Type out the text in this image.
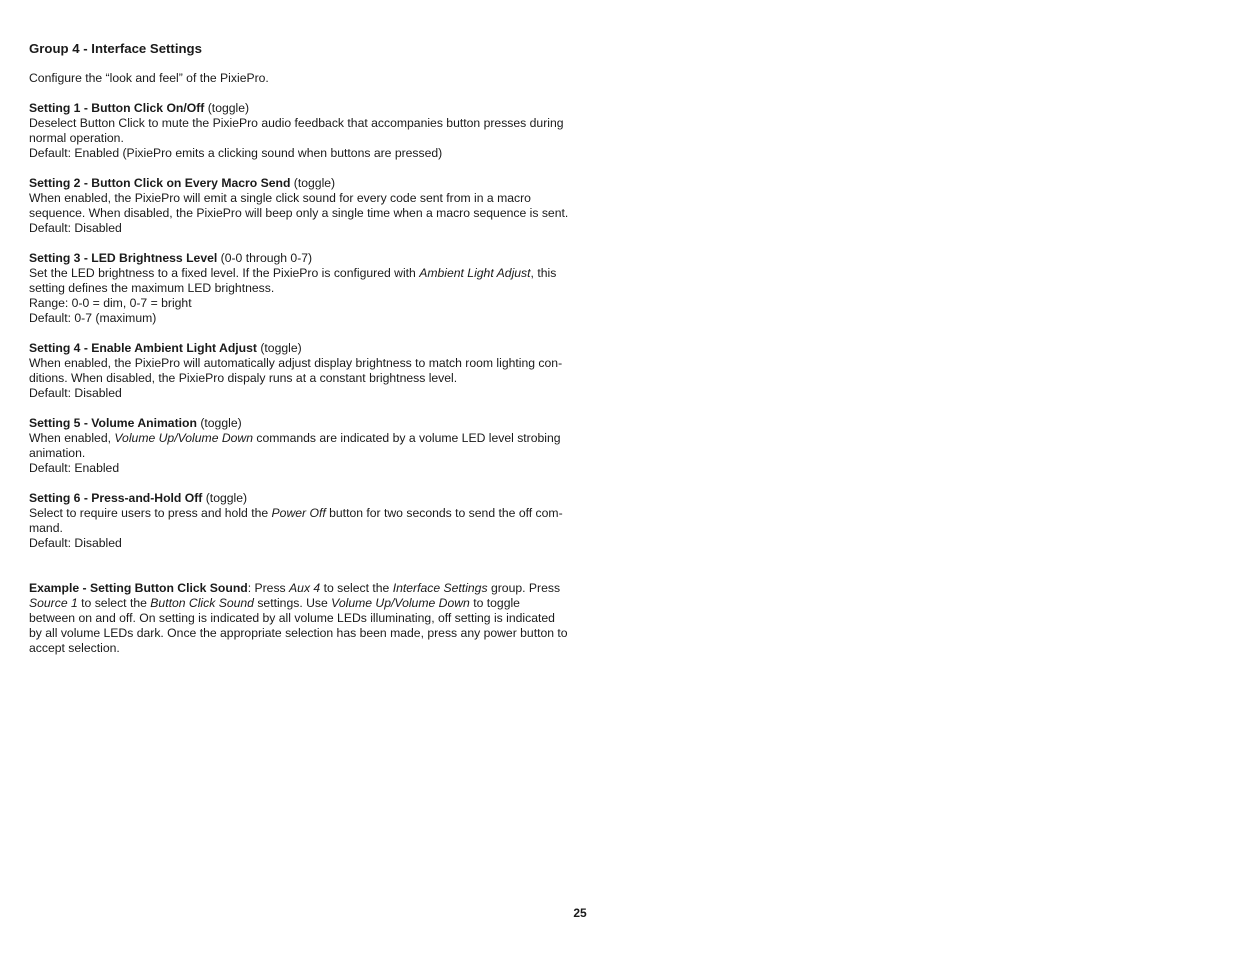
Group 4 - Interface Settings

Configure the “look and feel” of the PixiePro.

Setting 1 - Button Click On/Off (toggle)

Deselect Button Click to mute the PixiePro audio feedback that accompanies button presses during

normal operation.

Default: Enabled (PixiePro emits a clicking sound when buttons are pressed)

Setting 2 - Button Click on Every Macro Send (toggle)

When enabled, the PixiePro will emit a single click sound for every code sent from in a macro

sequence. When disabled, the PixiePro will beep only a single time when a macro sequence is sent.

Default: Disabled

Setting 3 - LED Brightness Level (0-0 through 0-7)

Set the LED brightness to a fixed level. If the PixiePro is configured with Ambient Light Adjust, this

setting defines the maximum LED brightness.

Range: 0-0 = dim, 0-7 = bright

Default: 0-7 (maximum)

Setting 4 - Enable Ambient Light Adjust (toggle)

When enabled, the PixiePro will automatically adjust display brightness to match room lighting con-

ditions. When disabled, the PixiePro dispaly runs at a constant brightness level.

Default: Disabled

Setting 5 - Volume Animation (toggle)

When enabled, Volume Up/Volume Down commands are indicated by a volume LED level strobing

animation.

Default: Enabled

Setting 6 - Press-and-Hold Off (toggle)

Select to require users to press and hold the Power Off button for two seconds to send the off com-

mand.

Default: Disabled

Example - Setting Button Click Sound: Press Aux 4 to select the Interface Settings group. Press

Source 1 to select the Button Click Sound settings. Use Volume Up/Volume Down to toggle

between on and off. On setting is indicated by all volume LEDs illuminating, off setting is indicated

by all volume LEDs dark. Once the appropriate selection has been made, press any power button to

accept selection.

25
